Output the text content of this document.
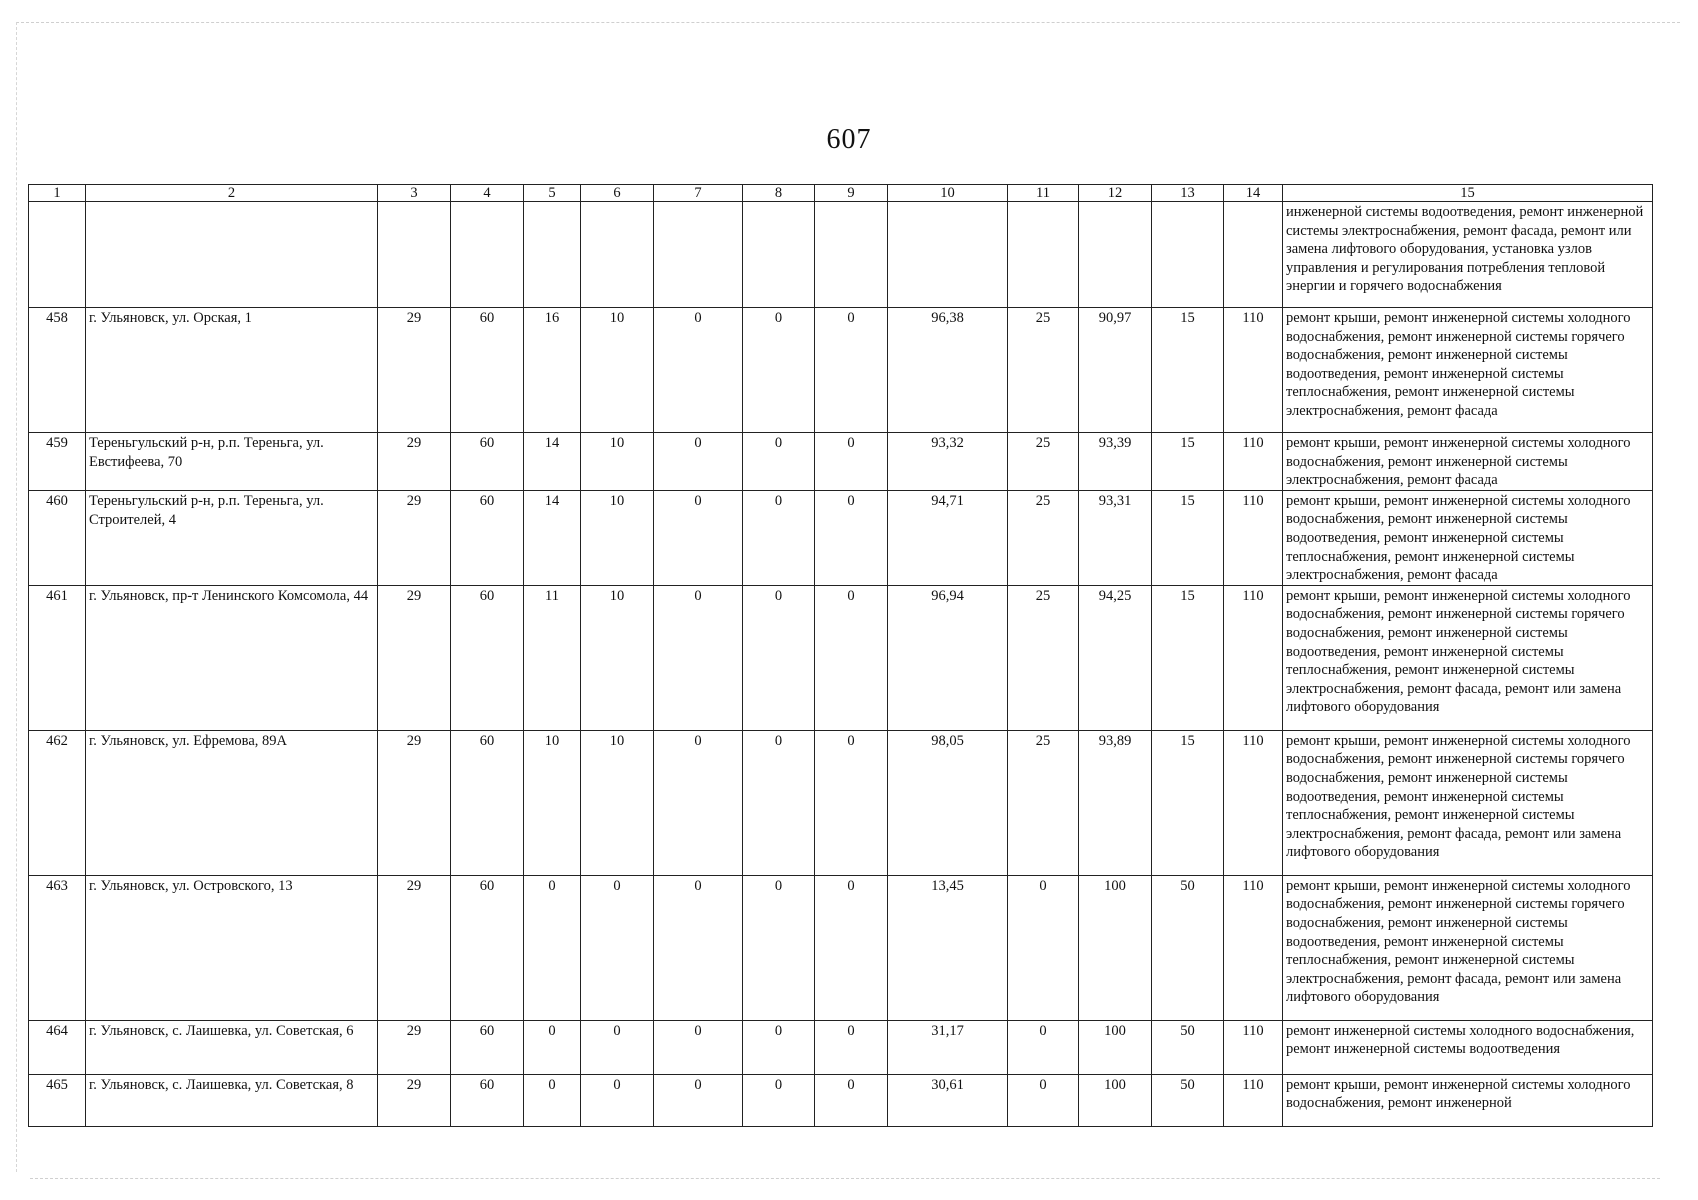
607
1	2	3	4	5	6	7	8	9	10	11	12	13	14	15
														инженерной системы водоотведения, ремонт инженерной системы электроснабжения, ремонт фасада, ремонт или замена лифтового оборудования, установка узлов управления и регулирования потребления тепловой энергии и горячего водоснабжения
458	г. Ульяновск, ул. Орская, 1	29	60	16	10	0	0	0	96,38	25	90,97	15	110	ремонт крыши, ремонт инженерной системы холодного водоснабжения, ремонт инженерной системы горячего водоснабжения, ремонт инженерной системы водоотведения, ремонт инженерной системы теплоснабжения, ремонт инженерной системы электроснабжения, ремонт фасада
459	Тереньгульский р-н, р.п. Тереньга, ул. Евстифеева, 70	29	60	14	10	0	0	0	93,32	25	93,39	15	110	ремонт крыши, ремонт инженерной системы холодного водоснабжения, ремонт инженерной системы электроснабжения, ремонт фасада
460	Тереньгульский р-н, р.п. Тереньга, ул. Строителей, 4	29	60	14	10	0	0	0	94,71	25	93,31	15	110	ремонт крыши, ремонт инженерной системы холодного водоснабжения, ремонт инженерной системы водоотведения, ремонт инженерной системы теплоснабжения, ремонт инженерной системы электроснабжения, ремонт фасада
461	г. Ульяновск, пр-т Ленинского Комсомола, 44	29	60	11	10	0	0	0	96,94	25	94,25	15	110	ремонт крыши, ремонт инженерной системы холодного водоснабжения, ремонт инженерной системы горячего водоснабжения, ремонт инженерной системы водоотведения, ремонт инженерной системы теплоснабжения, ремонт инженерной системы электроснабжения, ремонт фасада, ремонт или замена лифтового оборудования
462	г. Ульяновск, ул. Ефремова, 89А	29	60	10	10	0	0	0	98,05	25	93,89	15	110	ремонт крыши, ремонт инженерной системы холодного водоснабжения, ремонт инженерной системы горячего водоснабжения, ремонт инженерной системы водоотведения, ремонт инженерной системы теплоснабжения, ремонт инженерной системы электроснабжения, ремонт фасада, ремонт или замена лифтового оборудования
463	г. Ульяновск, ул. Островского, 13	29	60	0	0	0	0	0	13,45	0	100	50	110	ремонт крыши, ремонт инженерной системы холодного водоснабжения, ремонт инженерной системы горячего водоснабжения, ремонт инженерной системы водоотведения, ремонт инженерной системы теплоснабжения, ремонт инженерной системы электроснабжения, ремонт фасада, ремонт или замена лифтового оборудования
464	г. Ульяновск, с. Лаишевка, ул. Советская, 6	29	60	0	0	0	0	0	31,17	0	100	50	110	ремонт инженерной системы холодного водоснабжения, ремонт инженерной системы водоотведения
465	г. Ульяновск, с. Лаишевка, ул. Советская, 8	29	60	0	0	0	0	0	30,61	0	100	50	110	ремонт крыши, ремонт инженерной системы холодного водоснабжения, ремонт инженерной
